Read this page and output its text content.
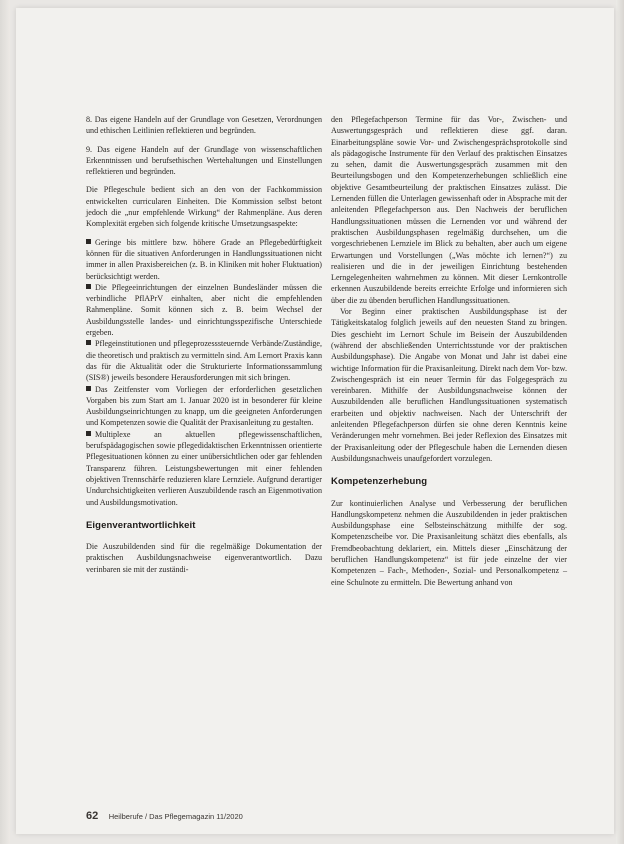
8. Das eigene Handeln auf der Grundlage von Gesetzen, Verordnungen und ethischen Leitlinien reflektieren und begründen.

9. Das eigene Handeln auf der Grundlage von wissenschaftlichen Erkenntnissen und berufsethischen Wertehaltungen und Einstellungen reflektieren und begründen.

Die Pflegeschule bedient sich an den von der Fachkommission entwickelten curricularen Einheiten. Die Kommission selbst betont jedoch die „nur empfehlende Wirkung“ der Rahmenpläne. Aus deren Komplexität ergeben sich folgende kritische Umsetzungsaspekte:

Geringe bis mittlere bzw. höhere Grade an Pflegebedürftigkeit können für die situativen Anforderungen in Handlungssituationen nicht immer in allen Praxisbereichen (z. B. in Kliniken mit hoher Fluktuation) berücksichtigt werden.

Die Pflegeeinrichtungen der einzelnen Bundesländer müssen die verbindliche PflAPrV einhalten, aber nicht die empfehlenden Rahmenpläne. Somit können sich z. B. beim Wechsel der Ausbildungsstelle landes- und einrichtungsspezifische Unterschiede ergeben.

Pflegeinstitutionen und pflegeprozesssteuernde Verbände/Zuständige, die theoretisch und praktisch zu vermitteln sind. Am Lernort Praxis kann das für die Aktualität oder die Strukturierte Informationssammlung (SIS®) jeweils besondere Herausforderungen mit sich bringen.

Das Zeitfenster vom Vorliegen der erforderlichen gesetzlichen Vorgaben bis zum Start am 1. Januar 2020 ist in besonderer für kleine Ausbildungseinrichtungen zu knapp, um die geeigneten Anforderungen und Kompetenzen sowie die Qualität der Praxisanleitung zu gestalten.

Multiplexe an aktuellen pflegewissenschaftlichen, berufspädagogischen sowie pflegedidaktischen Erkenntnissen orientierte Pflegesituationen können zu einer unübersichtlichen oder gar fehlenden Transparenz führen. Leistungsbewertungen mit einer fehlenden objektiven Trennschärfe reduzieren klare Lernziele. Aufgrund derartiger Undurchsichtigkeiten verlieren Auszubildende rasch an Eigenmotivation und Ausbildungsmotivation.

Eigenverantwortlichkeit

Die Auszubildenden sind für die regelmäßige Dokumentation der praktischen Ausbildungsnachweise eigenverantwortlich. Dazu verinbaren sie mit der zuständi-

den Pflegefachperson Termine für das Vor-, Zwischen- und Auswertungsgespräch und reflektieren diese ggf. daran. Einarbeitungspläne sowie Vor- und Zwischengesprächsprotokolle sind als pädagogische Instrumente für den Verlauf des praktischen Einsatzes zu sehen, damit die Auswertungsgespräch zusammen mit den Beurteilungsbogen und den Kompetenzerhebungen schließlich eine objektive Gesamtbeurteilung der praktischen Einsatzes zulässt. Die Lernenden füllen die Unterlagen gewissenhaft oder in Absprache mit der anleitenden Pflegefachperson aus. Den Nachweis der beruflichen Handlungssituationen müssen die Lernenden vor und während der praktischen Ausbildungsphasen regelmäßig durchsehen, um die vorgeschriebenen Lernziele im Blick zu behalten, aber auch um eigene Erwartungen und Vorstellungen („Was möchte ich lernen?“) zu realisieren und die in der jeweiligen Einrichtung bestehenden Lerngelegenheiten wahrnehmen zu können. Mit dieser Lernkontrolle erkennen Auszubildende bereits erreichte Erfolge und informieren sich über die zu übenden beruflichen Handlungssituationen.

Vor Beginn einer praktischen Ausbildungsphase ist der Tätigkeitskatalog folglich jeweils auf den neuesten Stand zu bringen. Dies geschieht im Lernort Schule im Beisein der Auszubildenden (während der abschließenden Unterrichtsstunde vor der praktischen Ausbildungsphase). Die Angabe von Monat und Jahr ist dabei eine wichtige Information für die Praxisanleitung. Direkt nach dem Vor- bzw. Zwischengespräch ist ein neuer Termin für das Folgegespräch zu vereinbaren. Mithilfe der Ausbildungsnachweise können der Auszubildenden alle beruflichen Handlungssituationen systematisch erarbeiten und objektiv nachweisen. Nach der Unterschrift der anleitenden Pflegefachperson dürfen sie ohne deren Kenntnis keine Veränderungen mehr vornehmen. Bei jeder Reflexion des Einsatzes mit der Praxisanleitung oder der Pflegeschule haben die Lernenden diesen Ausbildungsnachweis unaufgefordert vorzulegen.

Kompetenzerhebung

Zur kontinuierlichen Analyse und Verbesserung der beruflichen Handlungskompetenz nehmen die Auszubildenden in jeder praktischen Ausbildungsphase eine Selbsteinschätzung mithilfe der sog. Kompetenzscheibe vor. Die Praxisanleitung schätzt dies ebenfalls, als Fremdbeobachtung deklariert, ein. Mittels dieser „Einschätzung der beruflichen Handlungskompetenz“ ist für jede einzelne der vier Kompetenzen – Fach-, Methoden-, Sozial- und Personalkompetenz – eine Schulnote zu ermitteln. Die Bewertung anhand von

62 Heilberufe / Das Pflegemagazin 11/2020
